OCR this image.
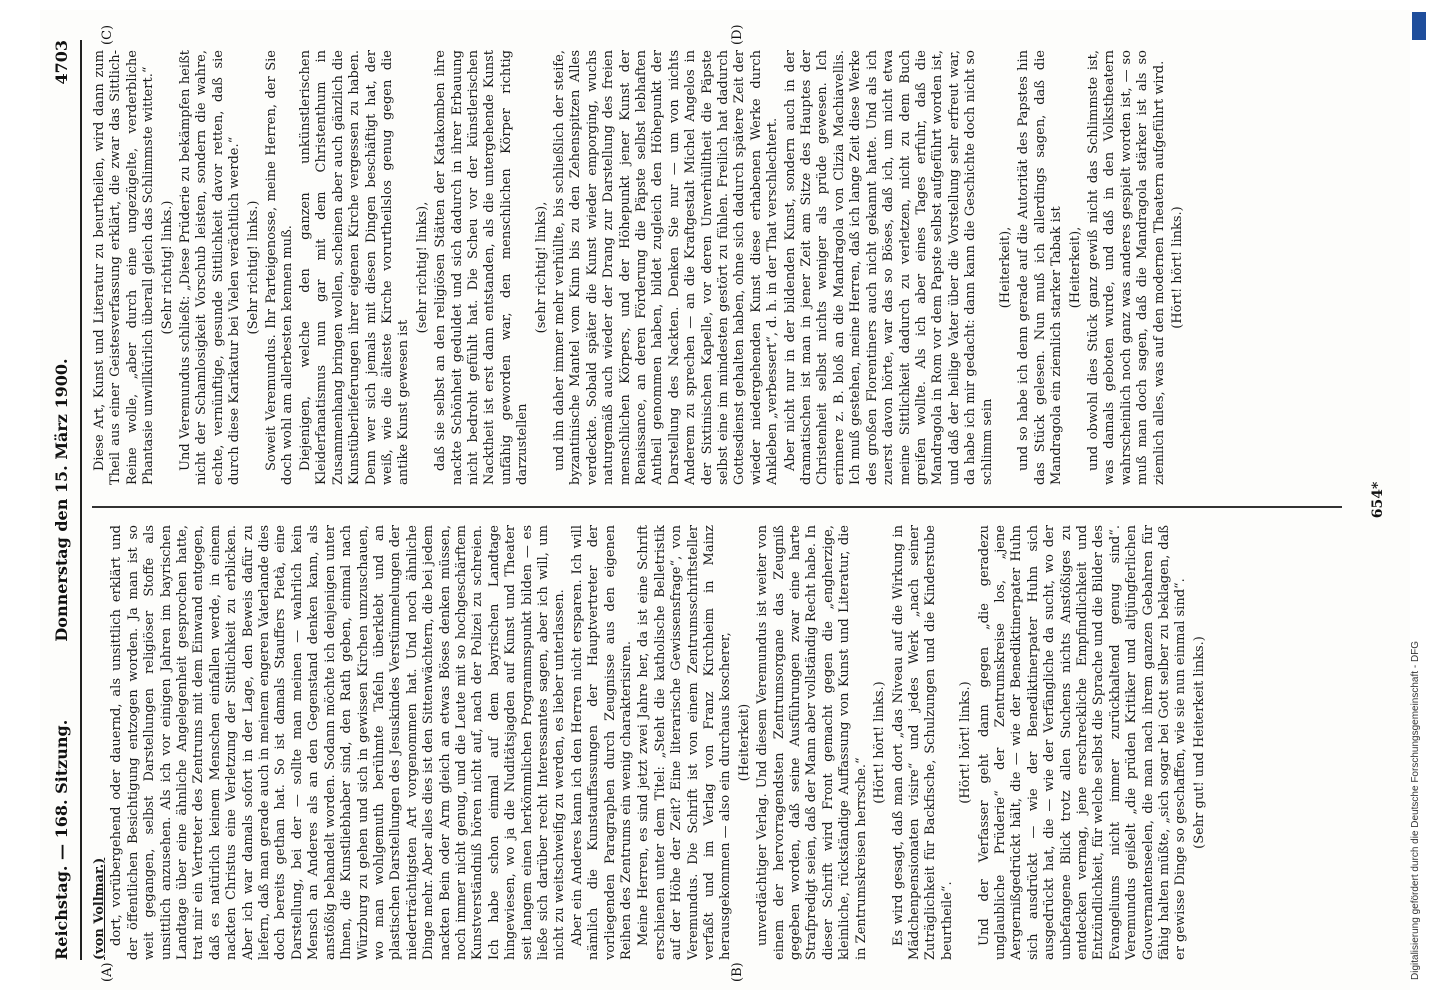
Reichstag. — 168. Sitzung.
Donnerstag den 15. März 1900.
4703
(A)	(B)
(C)	(D)

(von Vollmar.) dort, vorübergehend oder dauernd, als unsittlich erklärt und der öffentlichen Besichtigung entzogen worden. Ja man ist so weit gegangen, selbst Darstellungen religiöser Stoffe als unsittlich anzusehen. Als ich vor einigen Jahren im bayrischen Landtage über eine ähnliche Angelegenheit gesprochen hatte, trat mir ein Vertreter des Zentrums mit dem Einwand entgegen, daß es natürlich keinem Menschen einfallen werde, in einem nackten Christus eine Verletzung der Sittlichkeit zu erblicken. Aber ich war damals sofort in der Lage, den Beweis dafür zu liefern, daß man gerade auch in meinem engeren Vaterlande dies doch bereits gethan hat. So ist damals Stauffers Pietà, eine Darstellung, bei der — sollte man meinen — wahrlich kein Mensch an Anderes als an den Gegenstand denken kann, als anstößig behandelt worden. Sodann möchte ich denjenigen unter Ihnen, die Kunstliebhaber sind, den Rath geben, einmal nach Würzburg zu gehen und sich in gewissen Kirchen umzuschauen, wo man wohlgemuth berühmte Tafeln überklebt und an plastischen Darstellungen des Jesuskindes Verstümmelungen der niederträchtigsten Art vorgenommen hat. Und noch ähnliche Dinge mehr. Aber alles dies ist den Sittenwächtern, die bei jedem nackten Bein oder Arm gleich an etwas Böses denken müssen, noch immer nicht genug, und die Leute mit so hochgeschärftem Kunstverständniß hören nicht auf, nach der Polizei zu schreien. Ich habe schon einmal auf dem bayrischen Landtage hingewiesen, wo ja die Nuditätsjagden auf Kunst und Theater seit langem einen herkömmlichen Programmspunkt bilden — es ließe sich darüber recht Interessantes sagen, aber ich will, um nicht zu weitschweifig zu werden, es lieber unterlassen. Aber ein Anderes kann ich den Herren nicht ersparen. Ich will nämlich die Kunstauffassungen der Hauptvertreter der vorliegenden Paragraphen durch Zeugnisse aus den eigenen Reihen des Zentrums ein wenig charakterisiren. Meine Herren, es sind jetzt zwei Jahre her, da ist eine Schrift erschienen unter dem Titel: „Steht die katholische Belletristik auf der Höhe der Zeit? Eine literarische Gewissensfrage“, von Veremundus. Die Schrift ist von einem Zentrumsschriftsteller verfaßt und im Verlag von Franz Kirchheim in Mainz herausgekommen — also ein durchaus koscherer, (Heiterkeit) unverdächtiger Verlag. Und diesem Veremundus ist weiter von einem der hervorragendsten Zentrumsorgane das Zeugniß gegeben worden, daß seine Ausführungen zwar eine harte Strafpredigt seien, daß der Mann aber vollständig Recht habe. In dieser Schrift wird Front gemacht gegen die „engherzige, kleinliche, rückständige Auffassung von Kunst und Literatur, die in Zentrumskreisen herrsche.“

(Hört! hört! links.) Es wird gesagt, daß man dort „das Niveau auf die Wirkung in Mädchenpensionaten visire“ und jedes Werk „nach seiner Zuträglichkeit für Backfische, Schulzungen und die Kinderstube beurtheile“.

(Hört! hört! links.) Und der Verfasser geht dann gegen „die geradezu unglaubliche Prüderie“ der Zentrumskreise los, „jene Aergernißgedrückt hält, die — wie der Benediktinerpater Huhn sich ausdrückt — wie der Benediktinerpater Huhn sich ausgedrückt hat, die — wie der Verfängliche da sucht, wo der unbefangene Blick trotz allen Suchens nichts Anstößiges zu entdecken vermag, jene erschreckliche Empfindlichkeit und Entzündlichkeit, für welche selbst die Sprache und die Bilder des Evangeliums nicht immer zurückhaltend genug sind“. Veremundus geißelt „die prüden Kritiker und altjüngferlichen Gouvernantenseelen, die man nach ihrem ganzen Gebahren für fähig halten müßte, „sich sogar bei Gott selber zu beklagen, daß er gewisse Dinge so geschaffen, wie sie nun einmal sind“. (Sehr gut! und Heiterkeit links.)

Diese Art, Kunst und Literatur zu beurtheilen, wird dann zum Theil aus einer Geistesverfassung erklärt, die zwar das Sittlich-Reine wolle, „aber durch eine ungezügelte, verderbliche Phantasie unwillkürlich überall gleich das Schlimmste wittert.“ (Sehr richtig! links.) Und Veremundus schließt: „Diese Prüderie zu bekämpfen heißt nicht der Schamlosigkeit Vorschub leisten, sondern die wahre, echte, vernünftige, gesunde Sittlichkeit davor retten, daß sie durch diese Karikatur bei Vielen verächtlich werde.“ (Sehr richtig! links.) Soweit Veremundus. Ihr Parteigenosse, meine Herren, der Sie doch wohl am allerbesten kennen muß. Diejenigen, welche den ganzen unkünstlerischen Kleiderfanatismus nun gar mit dem Christenthum in Zusammenhang bringen wollen, scheinen aber auch gänzlich die Kunstüberlieferungen ihrer eigenen Kirche vergessen zu haben. Denn wer sich jemals mit diesen Dingen beschäftigt hat, der weiß, wie die älteste Kirche vorurtheilslos genug gegen die antike Kunst gewesen ist

(sehr richtig! links), daß sie selbst an den religiösen Stätten der Katakomben ihre nackte Schönheit geduldet und sich dadurch in ihrer Erbauung nicht bedroht gefühlt hat. Die Scheu vor der künstlerischen Nacktheit ist erst dann entstanden, als die untergehende Kunst unfähig geworden war, den menschlichen Körper richtig darzustellen

(sehr richtig! links), und ihn daher immer mehr verhüllte, bis schließlich der steife, byzantinische Mantel vom Kinn bis zu den Zehenspitzen Alles verdeckte. Sobald später die Kunst wieder emporging, wuchs naturgemäß auch wieder der Drang zur Darstellung des freien menschlichen Körpers, und der Höhepunkt jener Kunst der Renaissance, an deren Förderung die Päpste selbst lebhaften Antheil genommen haben, bildet zugleich den Höhepunkt der Darstellung des Nackten. Denken Sie nur — um von nichts Anderem zu sprechen — an die Kraftgestalt Michel Angelos in der Sixtinischen Kapelle, vor deren Unverhülltheit die Päpste selbst eine im mindesten gestört zu fühlen. Freilich hat dadurch Gottesdienst gehalten haben, ohne sich dadurch spätere Zeit der wieder niedergehenden Kunst diese erhabenen Werke durch Ankleben „verbessert“, d. h. in der That verschlechtert. Aber nicht nur in der bildenden Kunst, sondern auch in der dramatischen ist man in jener Zeit am Sitze des Hauptes der Christenheit selbst nichts weniger als prüde gewesen. Ich erinnere z. B. bloß an die Mandragola von Clizia Machiavellis. Ich muß gestehen, meine Herren, daß ich lange Zeit diese Werke des großen Florentiners auch nicht gekannt hatte. Und als ich zuerst davon hörte, war das so Böses, daß ich, um nicht etwa meine Sittlichkeit dadurch zu verletzen, nicht zu dem Buch greifen wollte. Als ich aber eines Tages erfuhr, daß die Mandragola in Rom vor dem Papste selbst aufgeführt worden ist, und daß der heilige Vater über die Vorstellung sehr erfreut war, da habe ich mir gedacht: dann kann die Geschichte doch nicht so schlimm sein

(Heiterkeit), und so habe ich denn gerade auf die Autorität des Papstes hin das Stück gelesen. Nun muß ich allerdings sagen, daß die Mandragola ein ziemlich starker Tabak ist (Heiterkeit), und obwohl dies Stück ganz gewiß nicht das Schlimmste ist, was damals geboten wurde, und daß in den Volkstheatern wahrscheinlich noch ganz was anderes gespielt worden ist, — so muß man doch sagen, daß die Mandragola stärker ist als so ziemlich alles, was auf den modernen Theatern aufgeführt wird. (Hört! hört! links.)

654*
Digitalisierung gefördert durch die Deutsche Forschungsgemeinschaft - DFG
